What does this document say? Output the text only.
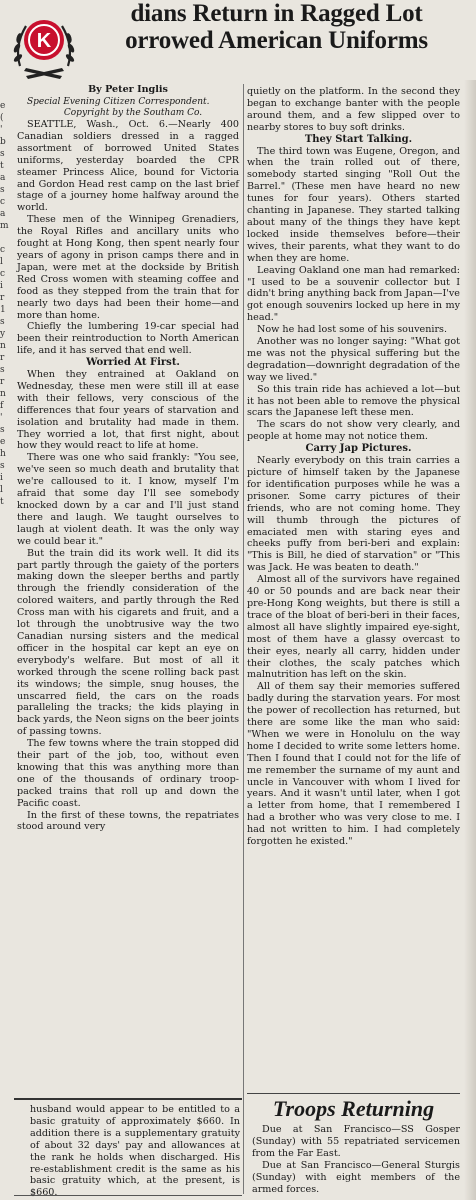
K
dians Return in Ragged Lot
orrowed American Uniforms
e
(
'
b
s
t
a
s
c
a
m

c
l
c
i
r
1
s
y
n
r
s
r
n
f
'
s
e
h
s
i
l
t
By Peter Inglis

Special Evening Citizen Correspondent.

Copyright by the Southam Co.

SEATTLE, Wash., Oct. 6.—Nearly 400 Canadian soldiers dressed in a ragged assortment of borrowed United States uniforms, yesterday boarded the CPR steamer Princess Alice, bound for Victoria and Gordon Head rest camp on the last brief stage of a journey home halfway around the world.

These men of the Winnipeg Grenadiers, the Royal Rifles and ancillary units who fought at Hong Kong, then spent nearly four years of agony in prison camps there and in Japan, were met at the dockside by British Red Cross women with steaming coffee and food as they stepped from the train that for nearly two days had been their home—and more than home.

Chiefly the lumbering 19-car special had been their reintroduction to North American life, and it has served that end well.

Worried At First.

When they entrained at Oakland on Wednesday, these men were still ill at ease with their fellows, very conscious of the differences that four years of starvation and isolation and brutality had made in them. They worried a lot, that first night, about how they would react to life at home.

There was one who said frankly: "You see, we've seen so much death and brutality that we're calloused to it. I know, myself I'm afraid that some day I'll see somebody knocked down by a car and I'll just stand there and laugh. We taught ourselves to laugh at violent death. It was the only way we could bear it."

But the train did its work well. It did its part partly through the gaiety of the porters making down the sleeper berths and partly through the friendly consideration of the colored waiters, and partly through the Red Cross man with his cigarets and fruit, and a lot through the unobtrusive way the two Canadian nursing sisters and the medical officer in the hospital car kept an eye on everybody's welfare. But most of all it worked through the scene rolling back past its windows; the simple, snug houses, the unscarred field, the cars on the roads paralleling the tracks; the kids playing in back yards, the Neon signs on the beer joints of passing towns.

The few towns where the train stopped did their part of the job, too, without even knowing that this was anything more than one of the thousands of ordinary troop-packed trains that roll up and down the Pacific coast.

In the first of these towns, the repatriates stood around very

husband would appear to be entitled to a basic gratuity of approximately $660. In addition there is a supplementary gratuity of about 32 days' pay and allowances at the rank he holds when discharged. His re-establishment credit is the same as his basic gratuity which, at the present, is $660.

quietly on the platform. In the second they began to exchange banter with the people around them, and a few slipped over to nearby stores to buy soft drinks.

They Start Talking.

The third town was Eugene, Oregon, and when the train rolled out of there, somebody started singing "Roll Out the Barrel." (These men have heard no new tunes for four years). Others started chanting in Japanese. They started talking about many of the things they have kept locked inside themselves before—their wives, their parents, what they want to do when they are home.

Leaving Oakland one man had remarked: "I used to be a souvenir collector but I didn't bring anything back from Japan—I've got enough souvenirs locked up here in my head."

Now he had lost some of his souvenirs.

Another was no longer saying: "What got me was not the physical suffering but the degradation—downright degradation of the way we lived."

So this train ride has achieved a lot—but it has not been able to remove the physical scars the Japanese left these men.

The scars do not show very clearly, and people at home may not notice them.

Carry Jap Pictures.

Nearly everybody on this train carries a picture of himself taken by the Japanese for identification purposes while he was a prisoner. Some carry pictures of their friends, who are not coming home. They will thumb through the pictures of emaciated men with staring eyes and cheeks puffy from beri-beri and explain: "This is Bill, he died of starvation" or "This was Jack. He was beaten to death."

Almost all of the survivors have regained 40 or 50 pounds and are back near their pre-Hong Kong weights, but there is still a trace of the bloat of beri-beri in their faces, almost all have slightly impaired eye-sight, most of them have a glassy overcast to their eyes, nearly all carry, hidden under their clothes, the scaly patches which malnutrition has left on the skin.

All of them say their memories suffered badly during the starvation years. For most the power of recollection has returned, but there are some like the man who said: "When we were in Honolulu on the way home I decided to write some letters home. Then I found that I could not for the life of me remember the surname of my aunt and uncle in Vancouver with whom I lived for years. And it wasn't until later, when I got a letter from home, that I remembered I had a brother who was very close to me. I had not written to him. I had completely forgotten he existed."

Troops Returning

Due at San Francisco—SS Gosper (Sunday) with 55 repatriated servicemen from the Far East.

Due at San Francisco—General Sturgis (Sunday) with eight members of the armed forces.
